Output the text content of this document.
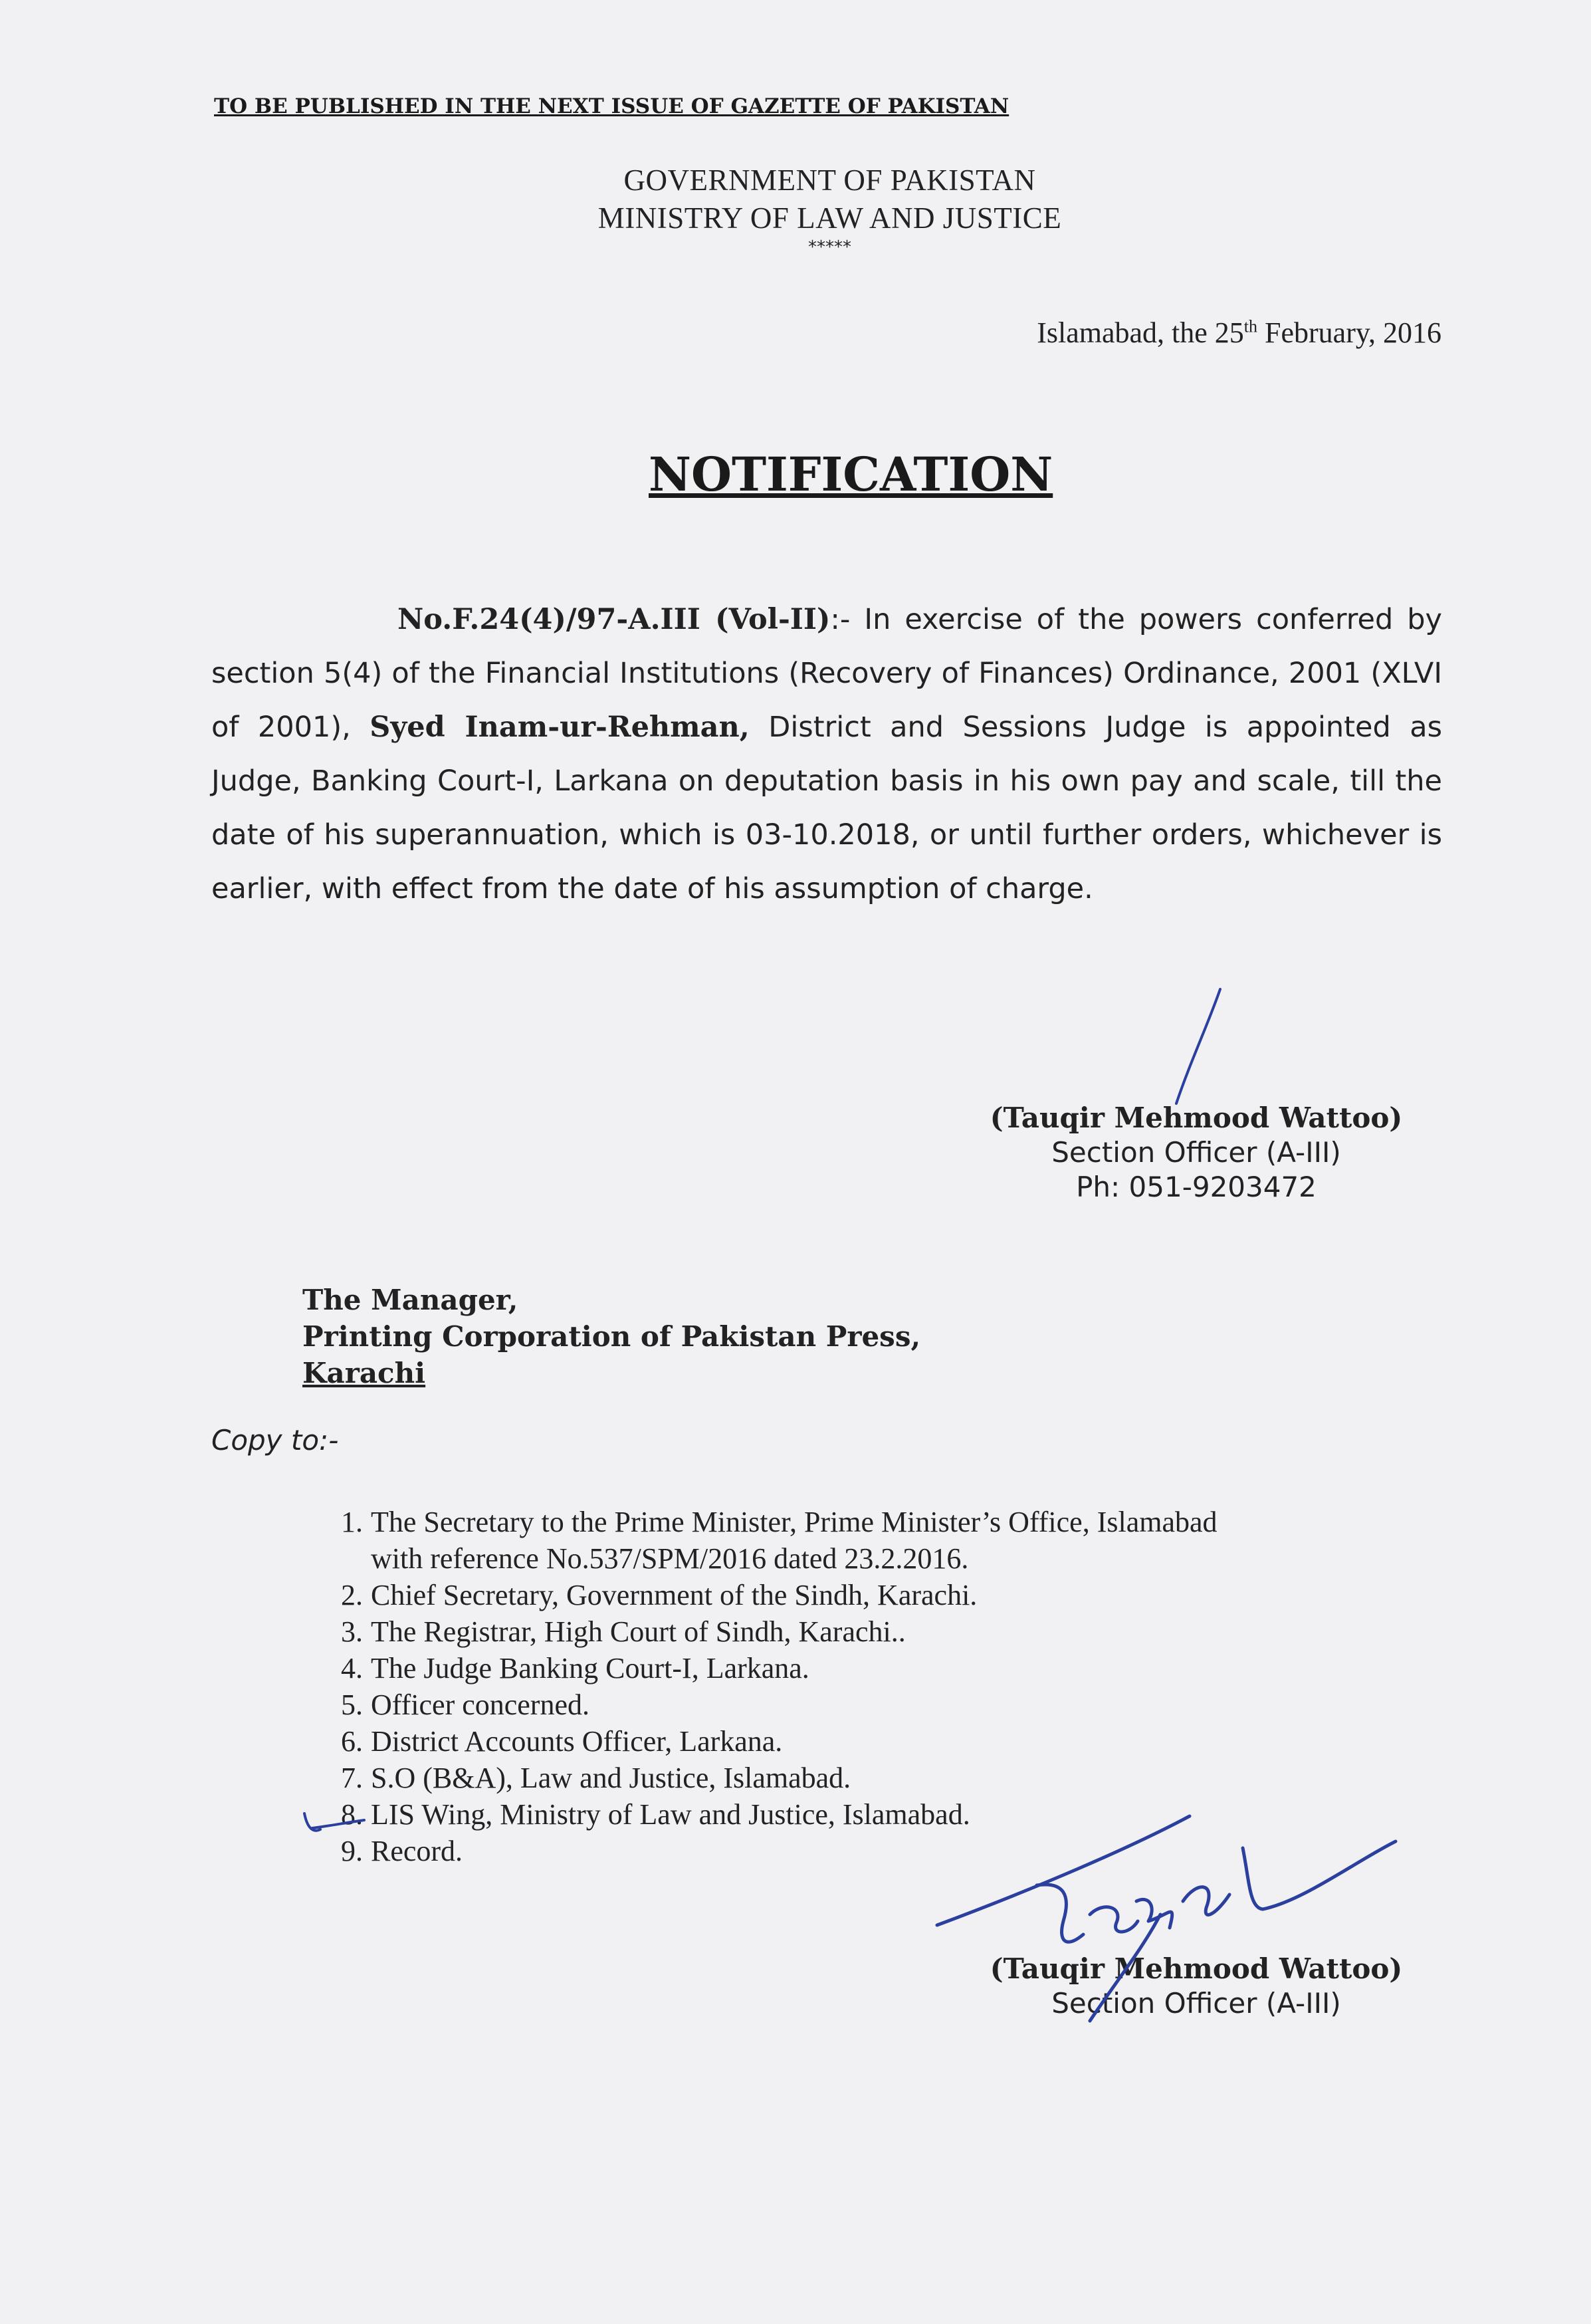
TO BE PUBLISHED IN THE NEXT ISSUE OF GAZETTE OF PAKISTAN
GOVERNMENT OF PAKISTAN
MINISTRY OF LAW AND JUSTICE
*****
Islamabad, the 25th February, 2016
NOTIFICATION
No.F.24(4)/97-A.III (Vol-II):- In exercise of the powers conferred by section 5(4) of the Financial Institutions (Recovery of Finances) Ordinance, 2001 (XLVI of 2001), Syed Inam-ur-Rehman, District and Sessions Judge is appointed as Judge, Banking Court-I, Larkana on deputation basis in his own pay and scale, till the date of his superannuation, which is 03-10.2018, or until further orders, whichever is earlier, with effect from the date of his assumption of charge.
(Tauqir Mehmood Wattoo)
Section Officer (A-III)
Ph: 051-9203472
The Manager,
Printing Corporation of Pakistan Press,
Karachi
Copy to:-
1. The Secretary to the Prime Minister, Prime Minister’s Office, Islamabad
with reference No.537/SPM/2016 dated 23.2.2016.
2. Chief Secretary, Government of the Sindh, Karachi.
3. The Registrar, High Court of Sindh, Karachi..
4. The Judge Banking Court-I, Larkana.
5. Officer concerned.
6. District Accounts Officer, Larkana.
7. S.O (B&A), Law and Justice, Islamabad.
8. LIS Wing, Ministry of Law and Justice, Islamabad.
9. Record.
(Tauqir Mehmood Wattoo)
Section Officer (A-III)
